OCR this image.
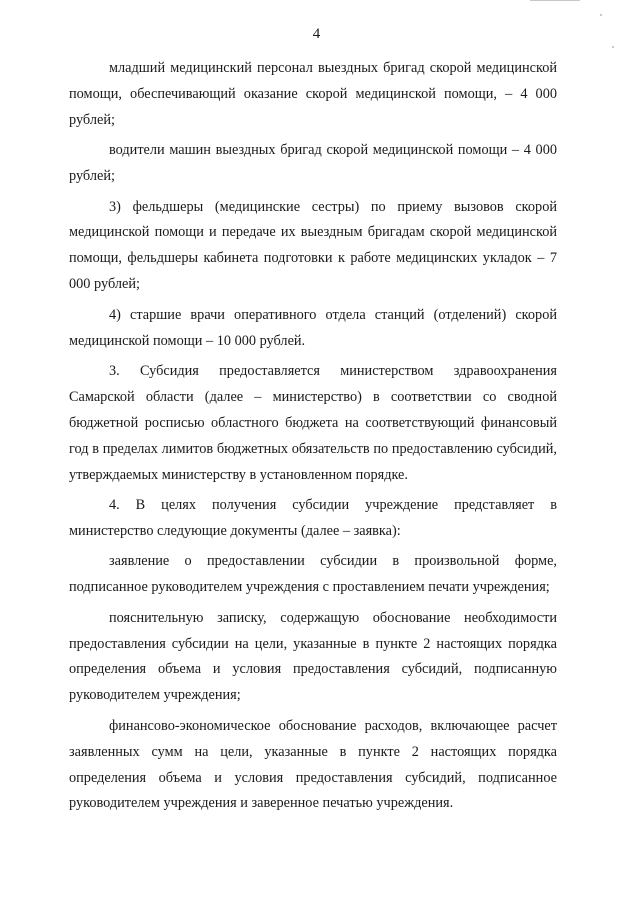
4

младший медицинский персонал выездных бригад скорой медицинской помощи, обеспечивающий оказание скорой медицинской помощи, – 4 000 рублей;

водители машин выездных бригад скорой медицинской помощи – 4 000 рублей;

3) фельдшеры (медицинские сестры) по приему вызовов скорой медицинской помощи и передаче их выездным бригадам скорой медицинской помощи, фельдшеры кабинета подготовки к работе медицинских укладок – 7 000 рублей;

4) старшие врачи оперативного отдела станций (отделений) скорой медицинской помощи – 10 000 рублей.

3. Субсидия предоставляется министерством здравоохранения Самарской области (далее – министерство) в соответствии со сводной бюджетной росписью областного бюджета на соответствующий финансовый год в пределах лимитов бюджетных обязательств по предоставлению субсидий, утверждаемых министерству в установленном порядке.

4. В целях получения субсидии учреждение представляет в министерство следующие документы (далее – заявка):

заявление о предоставлении субсидии в произвольной форме, подписанное руководителем учреждения с проставлением печати учреждения;

пояснительную записку, содержащую обоснование необходимости предоставления субсидии на цели, указанные в пункте 2 настоящих порядка определения объема и условия предоставления субсидий, подписанную руководителем учреждения;

финансово-экономическое обоснование расходов, включающее расчет заявленных сумм на цели, указанные в пункте 2 настоящих порядка определения объема и условия предоставления субсидий, подписанное руководителем учреждения и заверенное печатью учреждения.
